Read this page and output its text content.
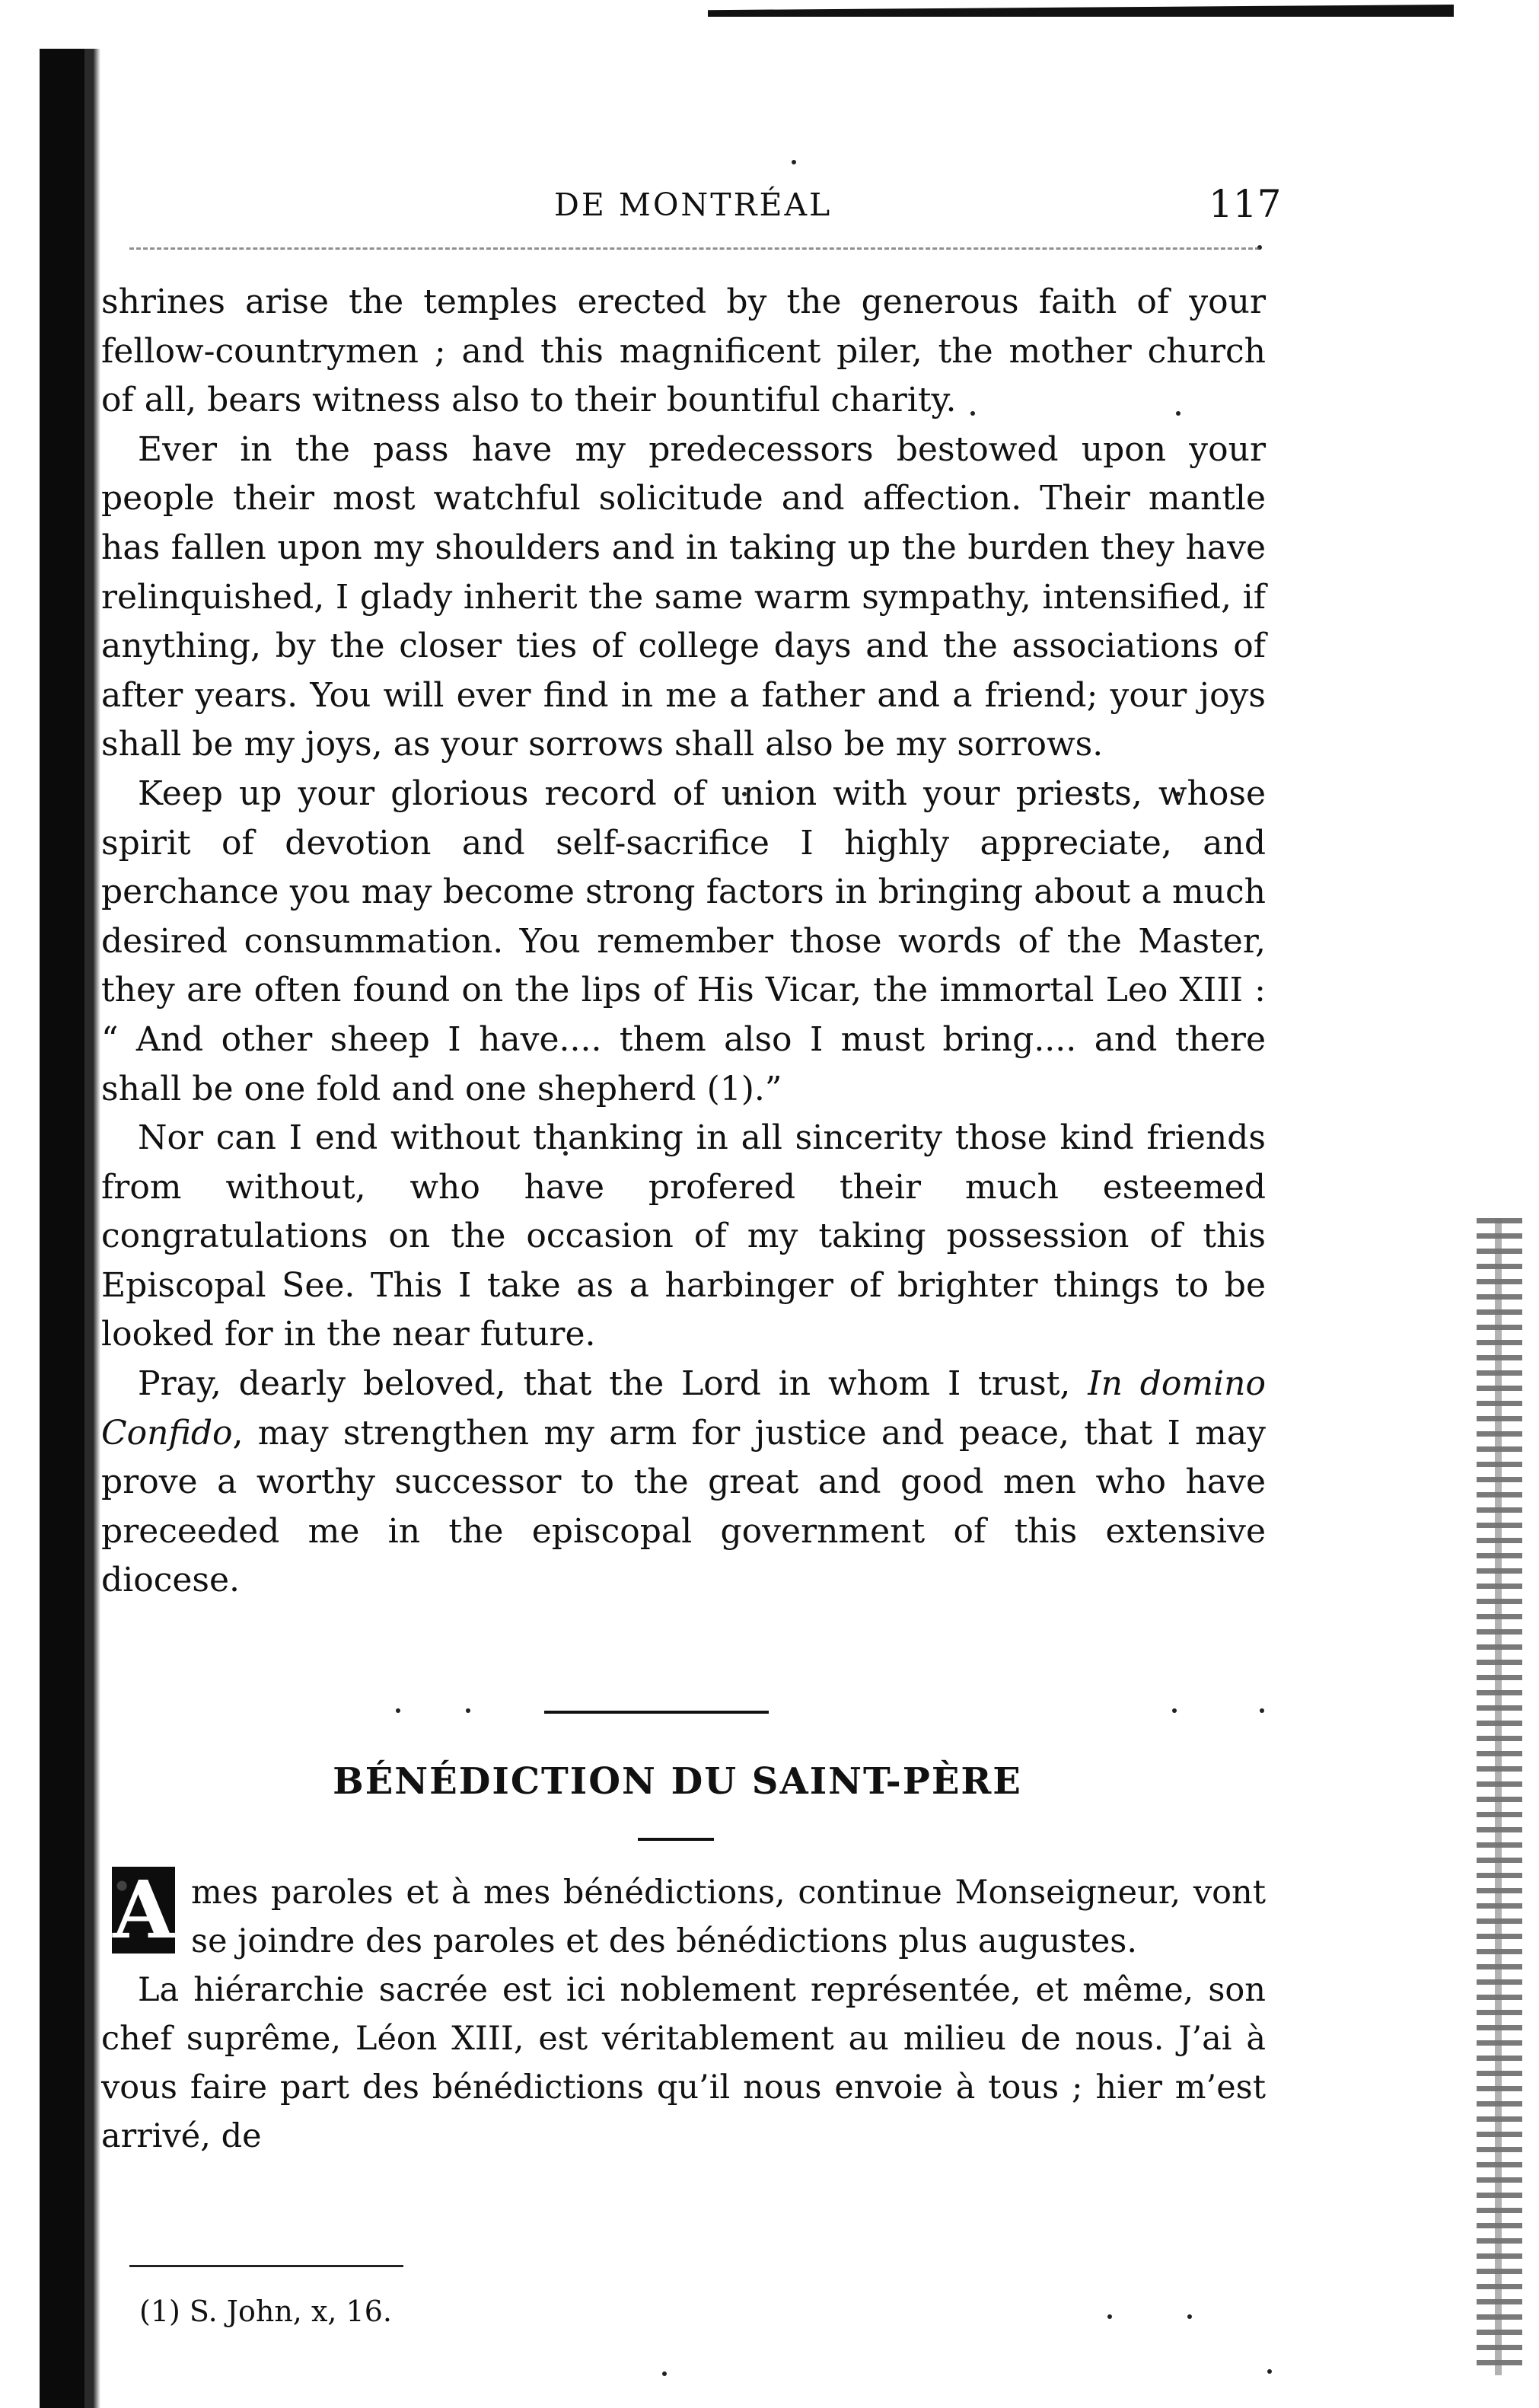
DE MONTRÉAL	117

shrines arise the temples erected by the generous faith of your fellow-countrymen ; and this magnificent piler, the mother church of all, bears witness also to their bountiful charity.

Ever in the pass have my predecessors bestowed upon your people their most watchful solicitude and affection. Their mantle has fallen upon my shoulders and in taking up the burden they have relinquished, I glady inherit the same warm sympathy, intensified, if anything, by the closer ties of college days and the associations of after years. You will ever find in me a father and a friend; your joys shall be my joys, as your sorrows shall also be my sorrows.

Keep up your glorious record of union with your priests, whose spirit of devotion and self-sacrifice I highly appreciate, and perchance you may become strong factors in bringing about a much desired consummation. You remember those words of the Master, they are often found on the lips of His Vicar, the immortal Leo XIII : “ And other sheep I have.... them also I must bring.... and there shall be one fold and one shepherd (1).”

Nor can I end without thanking in all sincerity those kind friends from without, who have profered their much esteemed congratulations on the occasion of my taking possession of this Episcopal See. This I take as a harbinger of brighter things to be looked for in the near future.

Pray, dearly beloved, that the Lord in whom I trust, In domino Confido, may strengthen my arm for justice and peace, that I may prove a worthy successor to the great and good men who have preceeded me in the episcopal government of this extensive diocese.

BÉNÉDICTION DU SAINT-PÈRE
A mes paroles et à mes bénédictions, continue Monseigneur, vont se joindre des paroles et des bénédictions plus augustes.

La hiérarchie sacrée est ici noblement représentée, et même, son chef suprême, Léon XIII, est véritablement au milieu de nous. J’ai à vous faire part des bénédictions qu’il nous envoie à tous ; hier m’est arrivé, de

(1) S. John, x, 16.
